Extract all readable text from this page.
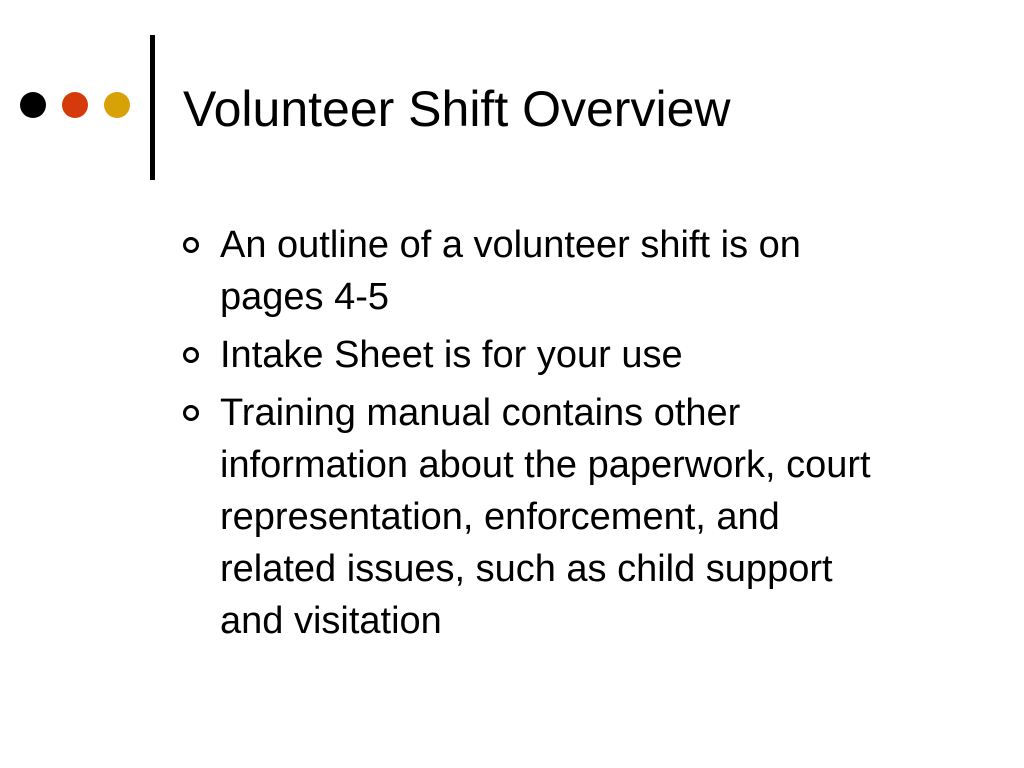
Volunteer Shift Overview
An outline of a volunteer shift is on pages 4-5
Intake Sheet is for your use
Training manual contains other information about the paperwork, court representation, enforcement, and related issues, such as child support and visitation
